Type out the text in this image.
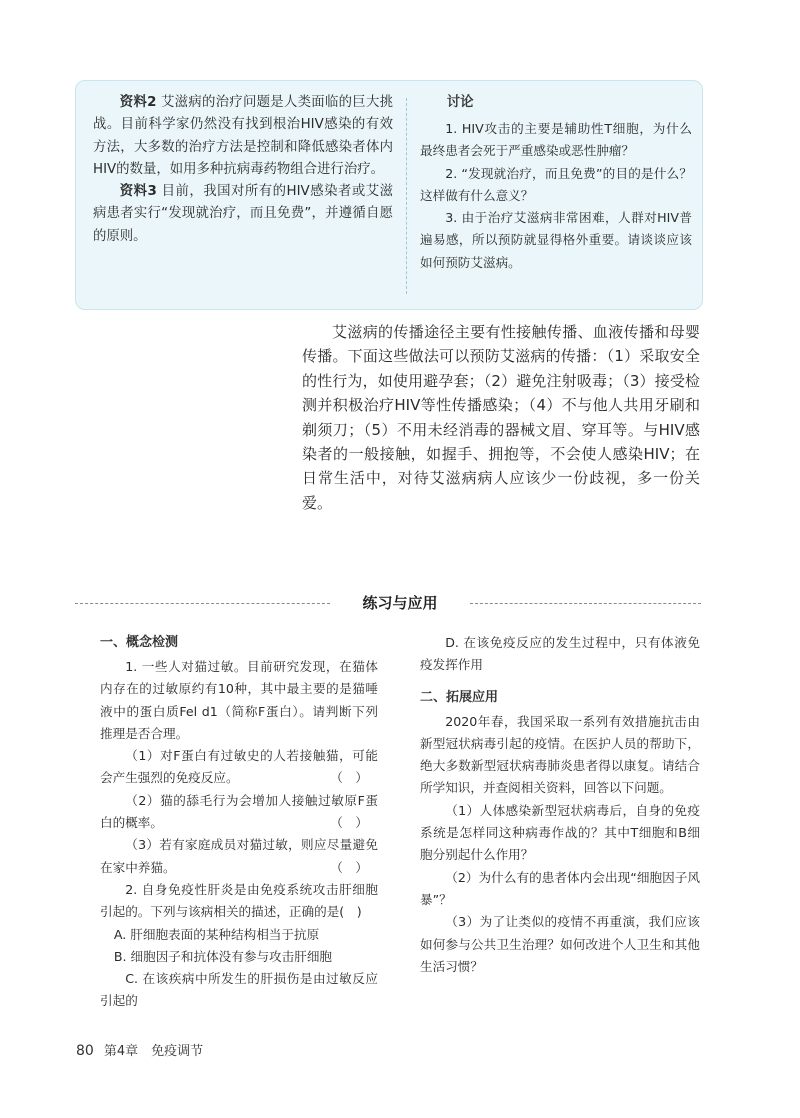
资料2 艾滋病的治疗问题是人类面临的巨大挑战。目前科学家仍然没有找到根治HIV感染的有效方法，大多数的治疗方法是控制和降低感染者体内HIV的数量，如用多种抗病毒药物组合进行治疗。

资料3 目前，我国对所有的HIV感染者或艾滋病患者实行“发现就治疗，而且免费”，并遵循自愿的原则。

讨论

1. HIV攻击的主要是辅助性T细胞，为什么最终患者会死于严重感染或恶性肿瘤？

2. “发现就治疗，而且免费”的目的是什么？这样做有什么意义？

3. 由于治疗艾滋病非常困难，人群对HIV普遍易感，所以预防就显得格外重要。请谈谈应该如何预防艾滋病。

艾滋病的传播途径主要有性接触传播、血液传播和母婴传播。下面这些做法可以预防艾滋病的传播：（1）采取安全的性行为，如使用避孕套；（2）避免注射吸毒；（3）接受检测并积极治疗HIV等性传播感染；（4）不与他人共用牙刷和剃须刀；（5）不用未经消毒的器械文眉、穿耳等。与HIV感染者的一般接触，如握手、拥抱等，不会使人感染HIV；在日常生活中，对待艾滋病病人应该少一份歧视，多一份关爱。

练习与应用

一、概念检测

1. 一些人对猫过敏。目前研究发现，在猫体内存在的过敏原约有10种，其中最主要的是猫唾液中的蛋白质Fel d1（简称F蛋白）。请判断下列推理是否合理。

（1）对F蛋白有过敏史的人若接触猫，可能会产生强烈的免疫反应。	（　）

（2）猫的舔毛行为会增加人接触过敏原F蛋白的概率。	（　）

（3）若有家庭成员对猫过敏，则应尽量避免在家中养猫。	（　）

2. 自身免疫性肝炎是由免疫系统攻击肝细胞引起的。下列与该病相关的描述，正确的是(　)

A. 肝细胞表面的某种结构相当于抗原

B. 细胞因子和抗体没有参与攻击肝细胞

C. 在该疾病中所发生的肝损伤是由过敏反应引起的

D. 在该免疫反应的发生过程中，只有体液免疫发挥作用

二、拓展应用

2020年春，我国采取一系列有效措施抗击由新型冠状病毒引起的疫情。在医护人员的帮助下，绝大多数新型冠状病毒肺炎患者得以康复。请结合所学知识，并查阅相关资料，回答以下问题。

（1）人体感染新型冠状病毒后，自身的免疫系统是怎样同这种病毒作战的？其中T细胞和B细胞分别起什么作用？

（2）为什么有的患者体内会出现“细胞因子风暴”？

（3）为了让类似的疫情不再重演，我们应该如何参与公共卫生治理？如何改进个人卫生和其他生活习惯？

80 第4章　免疫调节
